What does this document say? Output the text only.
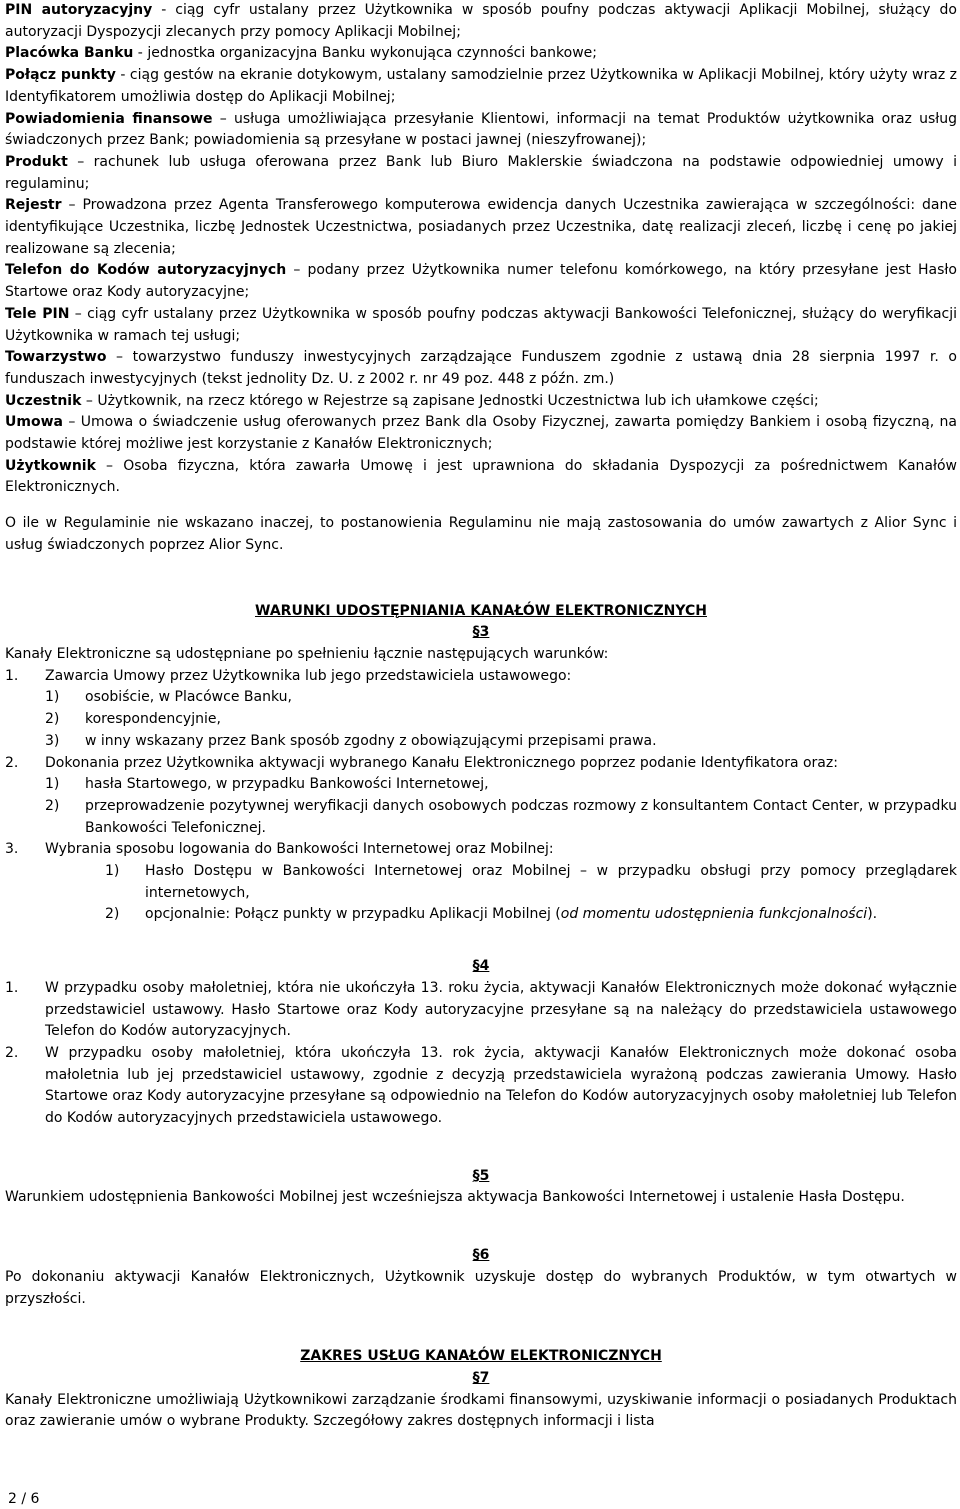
PIN autoryzacyjny - ciąg cyfr ustalany przez Użytkownika w sposób poufny podczas aktywacji Aplikacji Mobilnej, służący do autoryzacji Dyspozycji zlecanych przy pomocy Aplikacji Mobilnej;

Placówka Banku - jednostka organizacyjna Banku wykonująca czynności bankowe;

Połącz punkty - ciąg gestów na ekranie dotykowym, ustalany samodzielnie przez Użytkownika w Aplikacji Mobilnej, który użyty wraz z Identyfikatorem umożliwia dostęp do Aplikacji Mobilnej;

Powiadomienia finansowe – usługa umożliwiająca przesyłanie Klientowi, informacji na temat Produktów użytkownika oraz usług świadczonych przez Bank; powiadomienia są przesyłane w postaci jawnej (nieszyfrowanej);

Produkt – rachunek lub usługa oferowana przez Bank lub Biuro Maklerskie świadczona na podstawie odpowiedniej umowy i regulaminu;

Rejestr – Prowadzona przez Agenta Transferowego komputerowa ewidencja danych Uczestnika zawierająca w szczególności: dane identyfikujące Uczestnika, liczbę Jednostek Uczestnictwa, posiadanych przez Uczestnika, datę realizacji zleceń, liczbę i cenę po jakiej realizowane są zlecenia;

Telefon do Kodów autoryzacyjnych – podany przez Użytkownika numer telefonu komórkowego, na który przesyłane jest Hasło Startowe oraz Kody autoryzacyjne;

Tele PIN – ciąg cyfr ustalany przez Użytkownika w sposób poufny podczas aktywacji Bankowości Telefonicznej, służący do weryfikacji Użytkownika w ramach tej usługi;

Towarzystwo – towarzystwo funduszy inwestycyjnych zarządzające Funduszem zgodnie z ustawą dnia 28 sierpnia 1997 r. o funduszach inwestycyjnych (tekst jednolity Dz. U. z 2002 r. nr 49 poz. 448 z późn. zm.)

Uczestnik – Użytkownik, na rzecz którego w Rejestrze są zapisane Jednostki Uczestnictwa lub ich ułamkowe części;

Umowa – Umowa o świadczenie usług oferowanych przez Bank dla Osoby Fizycznej, zawarta pomiędzy Bankiem i osobą fizyczną, na podstawie której możliwe jest korzystanie z Kanałów Elektronicznych;

Użytkownik – Osoba fizyczna, która zawarła Umowę i jest uprawniona do składania Dyspozycji za pośrednictwem Kanałów Elektronicznych.

O ile w Regulaminie nie wskazano inaczej, to postanowienia Regulaminu nie mają zastosowania do umów zawartych z Alior Sync i usług świadczonych poprzez Alior Sync.

WARUNKI UDOSTĘPNIANIA KANAŁÓW ELEKTRONICZNYCH

§3

Kanały Elektroniczne są udostępniane po spełnieniu łącznie następujących warunków:

1. Zawarcia Umowy przez Użytkownika lub jego przedstawiciela ustawowego:
1) osobiście, w Placówce Banku,
2) korespondencyjnie,
3) w inny wskazany przez Bank sposób zgodny z obowiązującymi przepisami prawa.
2. Dokonania przez Użytkownika aktywacji wybranego Kanału Elektronicznego poprzez podanie Identyfikatora oraz:
1) hasła Startowego, w przypadku Bankowości Internetowej,
2) przeprowadzenie pozytywnej weryfikacji danych osobowych podczas rozmowy z konsultantem Contact Center, w przypadku Bankowości Telefonicznej.
3. Wybrania sposobu logowania do Bankowości Internetowej oraz Mobilnej:
1) Hasło Dostępu w Bankowości Internetowej oraz Mobilnej – w przypadku obsługi przy pomocy przeglądarek internetowych,
2) opcjonalnie: Połącz punkty w przypadku Aplikacji Mobilnej (od momentu udostępnienia funkcjonalności).

§4

1. W przypadku osoby małoletniej, która nie ukończyła 13. roku życia, aktywacji Kanałów Elektronicznych może dokonać wyłącznie przedstawiciel ustawowy. Hasło Startowe oraz Kody autoryzacyjne przesyłane są na należący do przedstawiciela ustawowego Telefon do Kodów autoryzacyjnych.
2. W przypadku osoby małoletniej, która ukończyła 13. rok życia, aktywacji Kanałów Elektronicznych może dokonać osoba małoletnia lub jej przedstawiciel ustawowy, zgodnie z decyzją przedstawiciela wyrażoną podczas zawierania Umowy. Hasło Startowe oraz Kody autoryzacyjne przesyłane są odpowiednio na Telefon do Kodów autoryzacyjnych osoby małoletniej lub Telefon do Kodów autoryzacyjnych przedstawiciela ustawowego.

§5

Warunkiem udostępnienia Bankowości Mobilnej jest wcześniejsza aktywacja Bankowości Internetowej i ustalenie Hasła Dostępu.

§6

Po dokonaniu aktywacji Kanałów Elektronicznych, Użytkownik uzyskuje dostęp do wybranych Produktów, w tym otwartych w przyszłości.

ZAKRES USŁUG KANAŁÓW ELEKTRONICZNYCH

§7

Kanały Elektroniczne umożliwiają Użytkownikowi zarządzanie środkami finansowymi, uzyskiwanie informacji o posiadanych Produktach oraz zawieranie umów o wybrane Produkty. Szczegółowy zakres dostępnych informacji i lista

2 / 6
